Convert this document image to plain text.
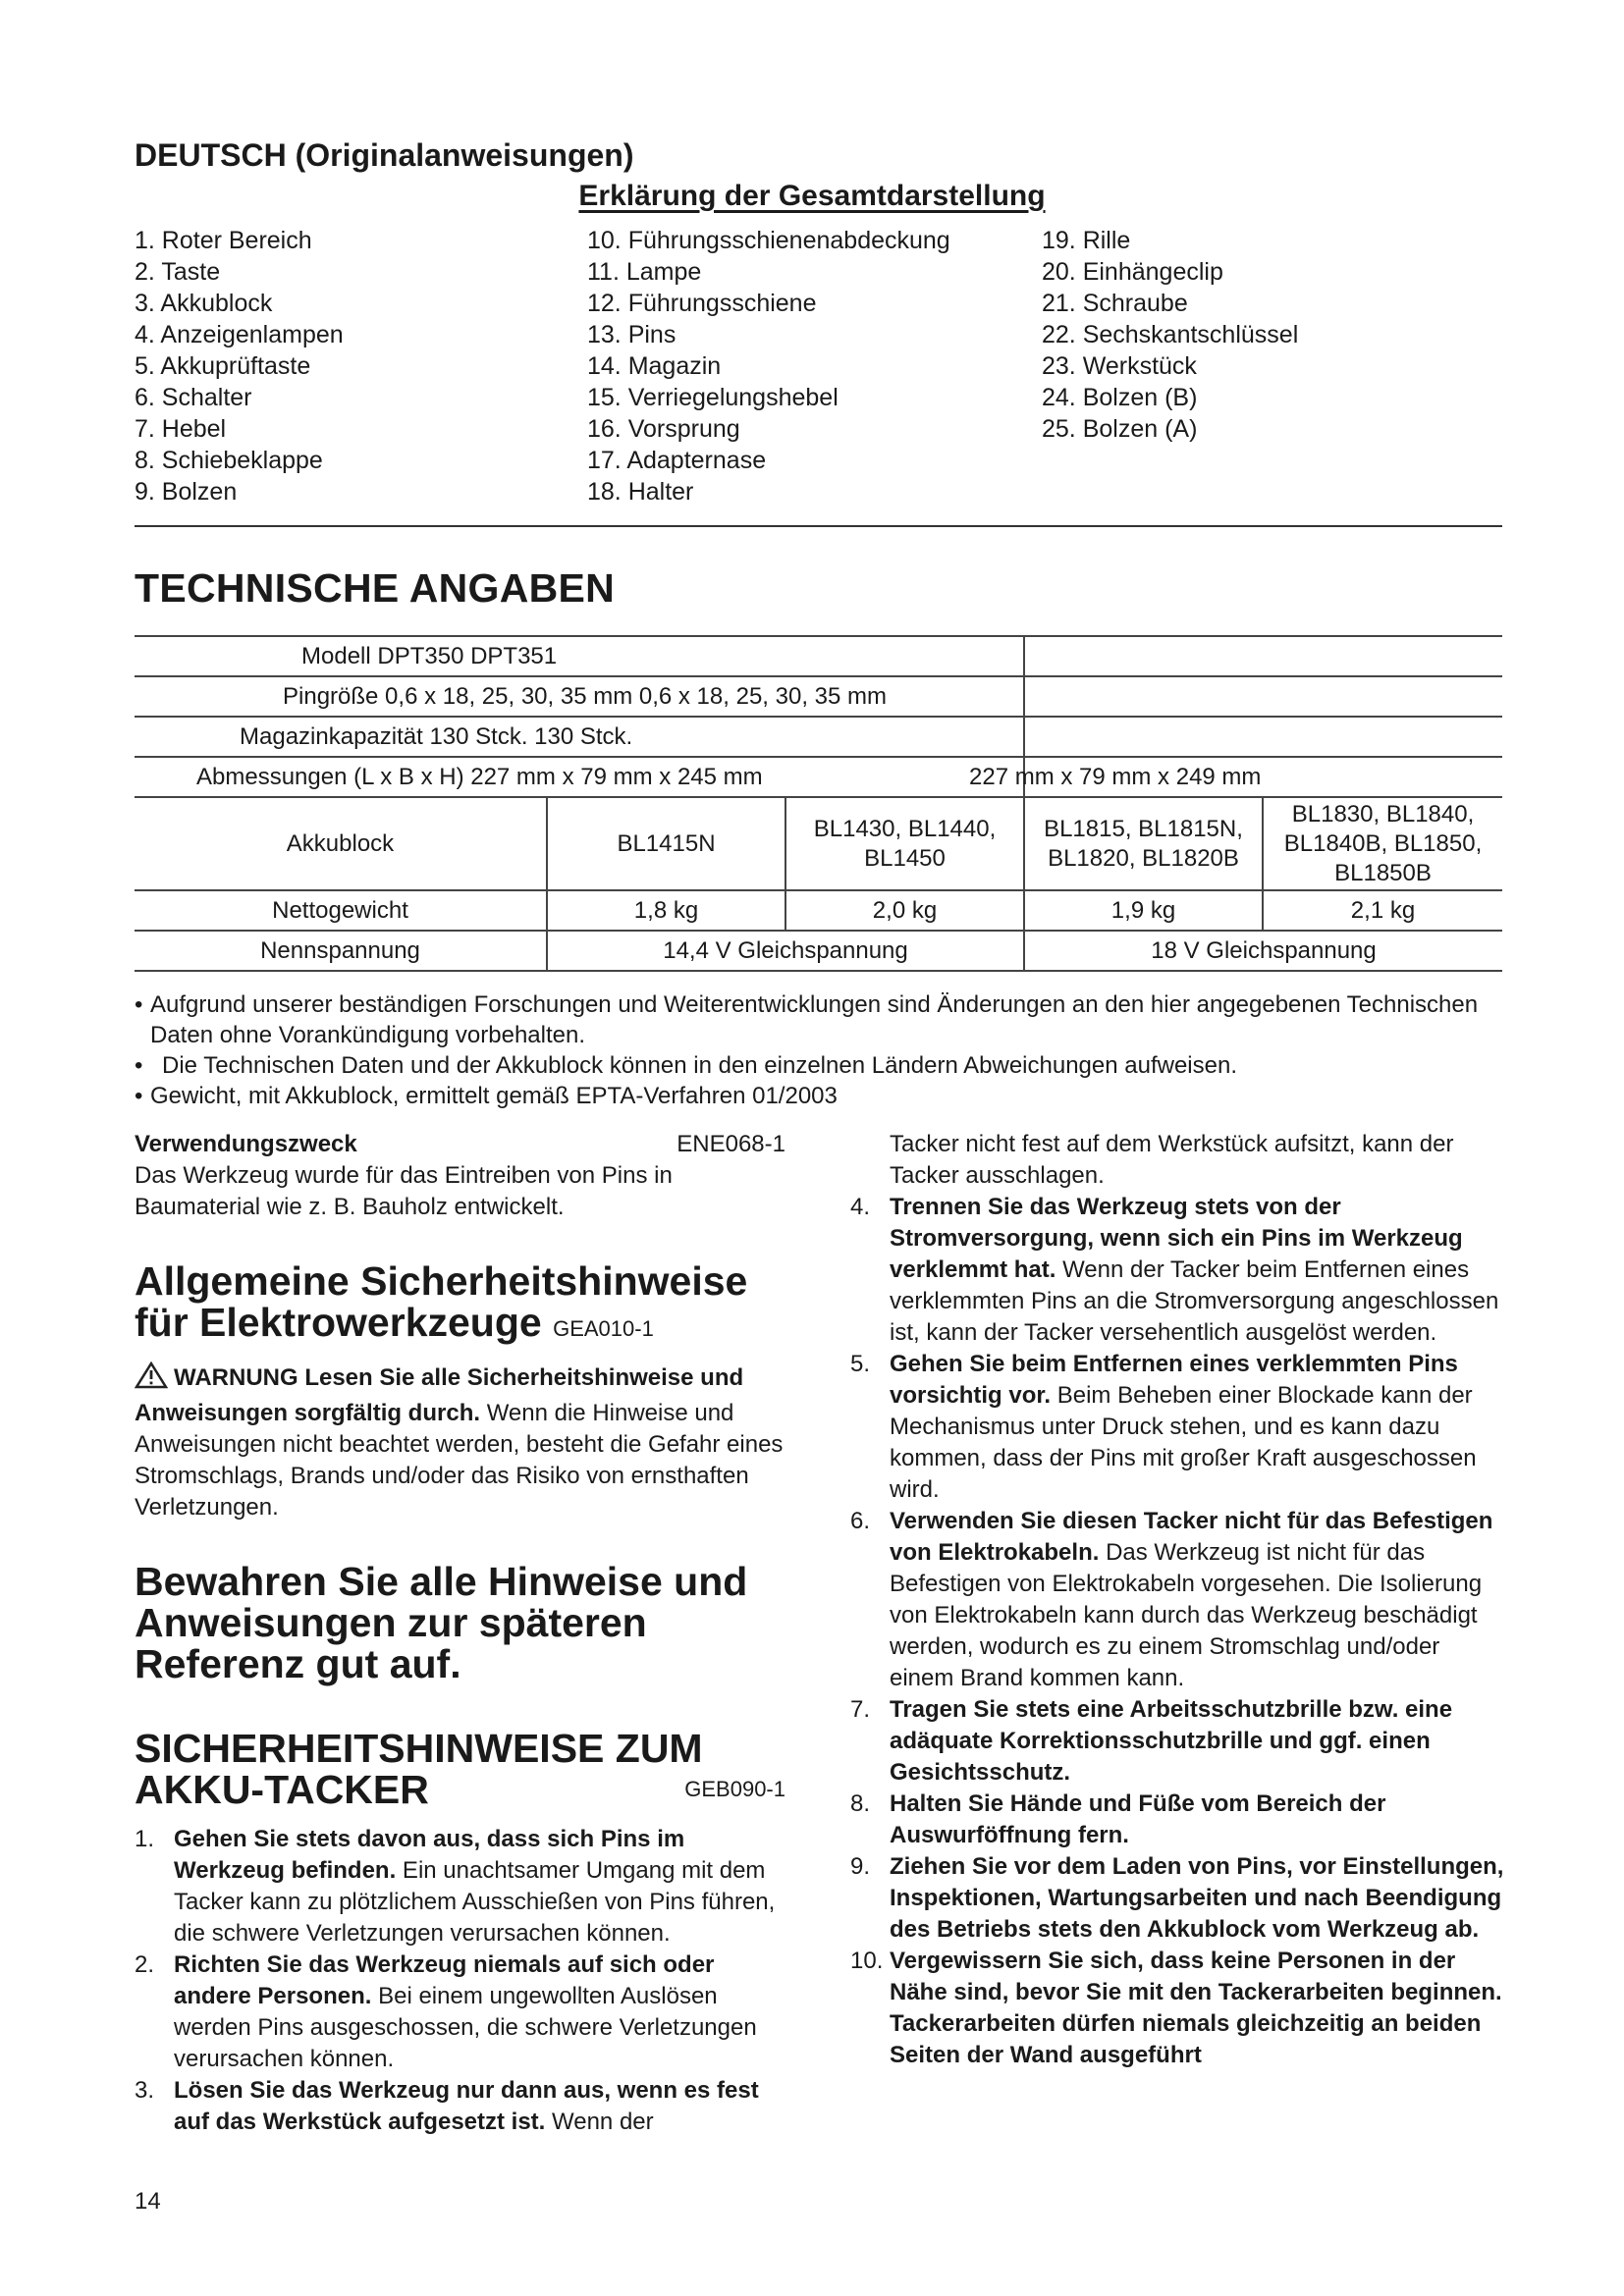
DEUTSCH (Originalanweisungen)
Erklärung der Gesamtdarstellung
1. Roter Bereich
2. Taste
3. Akkublock
4. Anzeigenlampen
5. Akkuprüftaste
6. Schalter
7. Hebel
8. Schiebeklappe
9. Bolzen
10. Führungsschienenabdeckung
11. Lampe
12. Führungsschiene
13. Pins
14. Magazin
15. Verriegelungshebel
16. Vorsprung
17. Adapternase
18. Halter
19. Rille
20. Einhängeclip
21. Schraube
22. Sechskantschlüssel
23. Werkstück
24. Bolzen (B)
25. Bolzen (A)
TECHNISCHE ANGABEN
Modell DPT350 DPT351				
Pingröße 0,6 x 18, 25, 30, 35 mm 0,6 x 18, 25, 30, 35 mm				
Magazinkapazität 130 Stck. 130 Stck.				
Abmessungen (L x B x H) 227 mm x 79 mm x 245 mm			227 mm x 79 mm x 249 mm	
Akkublock	BL1415N	BL1430, BL1440, BL1450	BL1815, BL1815N, BL1820, BL1820B	BL1830, BL1840, BL1840B, BL1850, BL1850B
Nettogewicht	1,8 kg	2,0 kg	1,9 kg	2,1 kg
Nennspannung	14,4 V Gleichspannung		18 V Gleichspannung	
• Aufgrund unserer beständigen Forschungen und Weiterentwicklungen sind Änderungen an den hier angegebenen Technischen Daten ohne Vorankündigung vorbehalten.
• Die Technischen Daten und der Akkublock können in den einzelnen Ländern Abweichungen aufweisen.
• Gewicht, mit Akkublock, ermittelt gemäß EPTA-Verfahren 01/2003
Verwendungszweck	ENE068-1
Das Werkzeug wurde für das Eintreiben von Pins in Baumaterial wie z. B. Bauholz entwickelt.
Allgemeine Sicherheitshinweise für Elektrowerkzeuge GEA010-1
WARNUNG Lesen Sie alle Sicherheitshinweise und Anweisungen sorgfältig durch. Wenn die Hinweise und Anweisungen nicht beachtet werden, besteht die Gefahr eines Stromschlags, Brands und/oder das Risiko von ernsthaften Verletzungen.
Bewahren Sie alle Hinweise und Anweisungen zur späteren Referenz gut auf.
SICHERHEITSHINWEISE ZUM AKKU-TACKER	GEB090-1
1. Gehen Sie stets davon aus, dass sich Pins im Werkzeug befinden. Ein unachtsamer Umgang mit dem Tacker kann zu plötzlichem Ausschießen von Pins führen, die schwere Verletzungen verursachen können.
2. Richten Sie das Werkzeug niemals auf sich oder andere Personen. Bei einem ungewollten Auslösen werden Pins ausgeschossen, die schwere Verletzungen verursachen können.
3. Lösen Sie das Werkzeug nur dann aus, wenn es fest auf das Werkstück aufgesetzt ist. Wenn der
Tacker nicht fest auf dem Werkstück aufsitzt, kann der Tacker ausschlagen.
4. Trennen Sie das Werkzeug stets von der Stromversorgung, wenn sich ein Pins im Werkzeug verklemmt hat. Wenn der Tacker beim Entfernen eines verklemmten Pins an die Stromversorgung angeschlossen ist, kann der Tacker versehentlich ausgelöst werden.
5. Gehen Sie beim Entfernen eines verklemmten Pins vorsichtig vor. Beim Beheben einer Blockade kann der Mechanismus unter Druck stehen, und es kann dazu kommen, dass der Pins mit großer Kraft ausgeschossen wird.
6. Verwenden Sie diesen Tacker nicht für das Befestigen von Elektrokabeln. Das Werkzeug ist nicht für das Befestigen von Elektrokabeln vorgesehen. Die Isolierung von Elektrokabeln kann durch das Werkzeug beschädigt werden, wodurch es zu einem Stromschlag und/oder einem Brand kommen kann.
7. Tragen Sie stets eine Arbeitsschutzbrille bzw. eine adäquate Korrektionsschutzbrille und ggf. einen Gesichtsschutz.
8. Halten Sie Hände und Füße vom Bereich der Auswurföffnung fern.
9. Ziehen Sie vor dem Laden von Pins, vor Einstellungen, Inspektionen, Wartungsarbeiten und nach Beendigung des Betriebs stets den Akkublock vom Werkzeug ab.
10. Vergewissern Sie sich, dass keine Personen in der Nähe sind, bevor Sie mit den Tackerarbeiten beginnen. Tackerarbeiten dürfen niemals gleichzeitig an beiden Seiten der Wand ausgeführt
14
